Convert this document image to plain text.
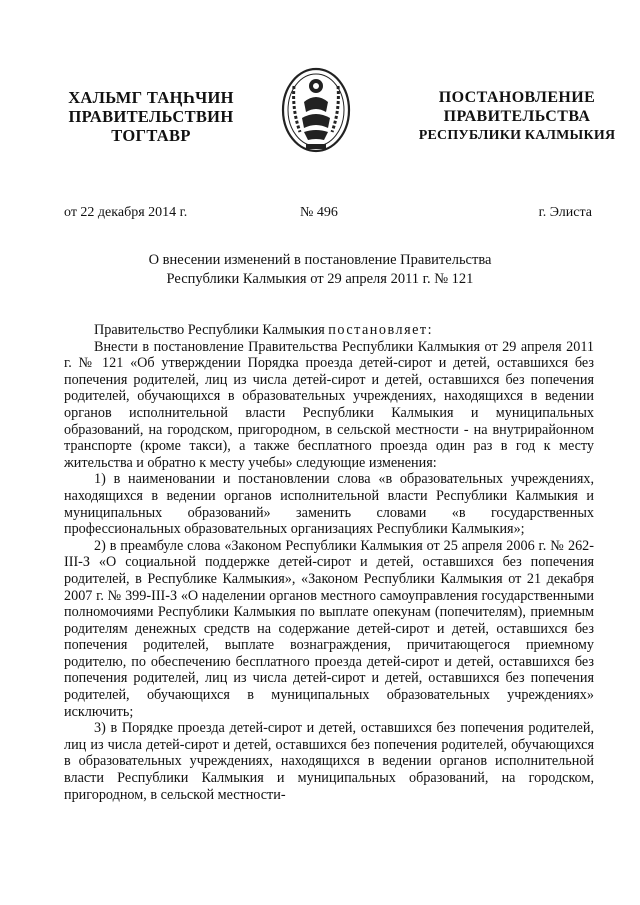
ХАЛЬМГ ТАҢҺЧИН
ПРАВИТЕЛЬСТВИН
ТОГТАВР
ПОСТАНОВЛЕНИЕ
ПРАВИТЕЛЬСТВА
РЕСПУБЛИКИ КАЛМЫКИЯ
от 22 декабря 2014 г.	№ 496	г. Элиста
О внесении изменений в постановление Правительства
Республики Калмыкия от 29 апреля 2011 г. № 121

Правительство Республики Калмыкия постановляет:

Внести в постановление Правительства Республики Калмыкия от 29 апреля 2011 г. № 121 «Об утверждении Порядка проезда детей-сирот и детей, оставшихся без попечения родителей, лиц из числа детей-сирот и детей, оставшихся без попечения родителей, обучающихся в образовательных учреждениях, находящихся в ведении органов исполнительной власти Республики Калмыкия и муниципальных образований, на городском, пригородном, в сельской местности - на внутрирайонном транспорте (кроме такси), а также бесплатного проезда один раз в год к месту жительства и обратно к месту учебы» следующие изменения:

1) в наименовании и постановлении слова «в образовательных учреждениях, находящихся в ведении органов исполнительной власти Республики Калмыкия и муниципальных образований» заменить словами «в государственных профессиональных образовательных организациях Республики Калмыкия»;

2) в преамбуле слова «Законом Республики Калмыкия от 25 апреля 2006 г. № 262-III-З «О социальной поддержке детей-сирот и детей, оставшихся без попечения родителей, в Республике Калмыкия», «Законом Республики Калмыкия от 21 декабря 2007 г. № 399-III-З «О наделении органов местного самоуправления государственными полномочиями Республики Калмыкия по выплате опекунам (попечителям), приемным родителям денежных средств на содержание детей-сирот и детей, оставшихся без попечения родителей, выплате вознаграждения, причитающегося приемному родителю, по обеспечению бесплатного проезда детей-сирот и детей, оставшихся без попечения родителей, лиц из числа детей-сирот и детей, оставшихся без попечения родителей, обучающихся в муниципальных образовательных учреждениях» исключить;

3) в Порядке проезда детей-сирот и детей, оставшихся без попечения родителей, лиц из числа детей-сирот и детей, оставшихся без попечения родителей, обучающихся в образовательных учреждениях, находящихся в ведении органов исполнительной власти Республики Калмыкия и муниципальных образований, на городском, пригородном, в сельской местности-
